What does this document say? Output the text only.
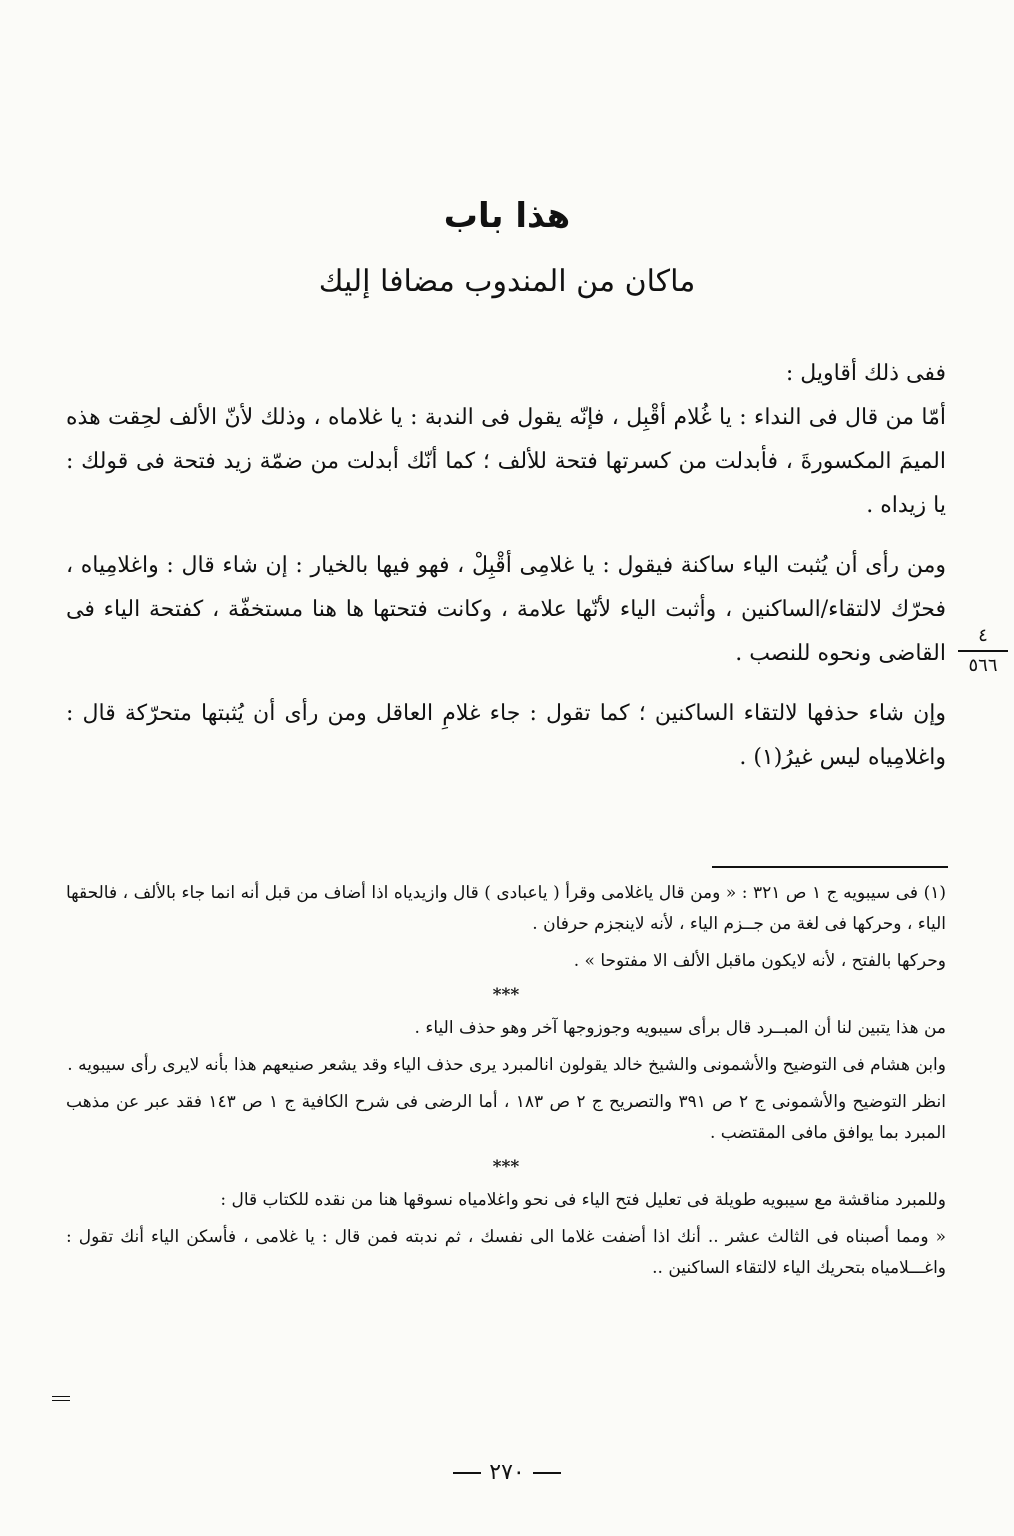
هذا باب
ماكان من المندوب مضافا إليك

ففى ذلك أقاويل :

أمّا من قال فى النداء : يا غُلام أقْبِل ، فإنّه يقول فى الندبة : يا غلاماه ، وذلك لأنّ الألف لحِقت هذه الميمَ المكسورةَ ، فأبدلت من كسرتها فتحة للألف ؛ كما أنّك أبدلت من ضمّة زيد فتحة فى قولك : يا زيداه .

ومن رأى أن يُثبت الياء ساكنة فيقول : يا غلامِى أقْبِلْ ، فهو فيها بالخيار : إن شاء قال : واغلامِياه ، فحرّك لالتقاء/الساكنين ، وأثبت الياء لأنّها علامة ، وكانت فتحتها ها هنا مستخفّة ، كفتحة الياء فى القاضى ونحوه للنصب .

وإن شاء حذفها لالتقاء الساكنين ؛ كما تقول : جاء غلامِ العاقل ومن رأى أن يُثبتها متحرّكة قال : واغلامِياه ليس غيرُ(١) .

٤
٥٦٦

(١) فى سيبويه ج ١ ص ٣٢١ : « ومن قال ياغلامى وقرأ ( ياعبادى ) قال وازيدياه اذا أضاف من قبل أنه انما جاء بالألف ، فالحقها الياء ، وحركها فى لغة من جــزم الياء ، لأنه لاينجزم حرفان .

وحركها بالفتح ، لأنه لايكون ماقبل الألف الا مفتوحا » .

***

من هذا يتبين لنا أن المبــرد قال برأى سيبويه وجوزوجها آخر وهو حذف الياء .

وابن هشام فى التوضيح والأشمونى والشيخ خالد يقولون انالمبرد يرى حذف الياء وقد يشعر صنيعهم هذا بأنه لايرى رأى سيبويه .

انظر التوضيح والأشمونى ج ٢ ص ٣٩١ والتصريح ج ٢ ص ١٨٣ ، أما الرضى فى شرح الكافية ج ١ ص ١٤٣ فقد عبر عن مذهب المبرد بما يوافق مافى المقتضب .

***

وللمبرد مناقشة مع سيبويه طويلة فى تعليل فتح الياء فى نحو واغلامياه نسوقها هنا من نقده للكتاب قال :

« ومما أصبناه فى الثالث عشر .. أنك اذا أضفت غلاما الى نفسك ، ثم ندبته فمن قال : يا غلامى ، فأسكن الياء أنك تقول : واغـــلامياه بتحريك الياء لالتقاء الساكنين ..

٢٧٠
